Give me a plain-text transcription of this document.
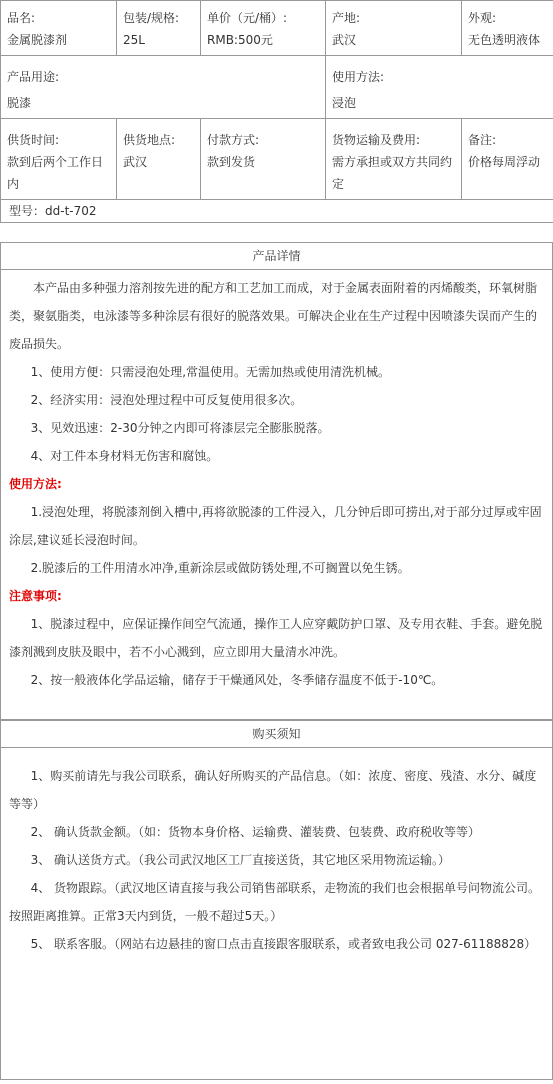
品名:
金属脱漆剂	包装/规格:
25L	单价（元/桶）:
RMB:500元	产地:
武汉	外观:
无色透明液体

产品用途:
脱漆			使用方法:
浸泡	

供货时间:
款到后两个工作日内	供货地点:
武汉	付款方式:
款到发货	货物运输及费用:
需方承担或双方共同约定	备注:
价格每周浮动

型号：dd-t-702				
产品详情

本产品由多种强力溶剂按先进的配方和工艺加工而成，对于金属表面附着的丙烯酸类，环氧树脂类，聚氨脂类，电泳漆等多种涂层有很好的脱落效果。可解决企业在生产过程中因喷漆失误而产生的废品损失。

1、使用方便：只需浸泡处理,常温使用。无需加热或使用清洗机械。

2、经济实用：浸泡处理过程中可反复使用很多次。

3、见效迅速：2-30分钟之内即可将漆层完全膨胀脱落。

4、对工件本身材料无伤害和腐蚀。

使用方法:

1.浸泡处理，将脱漆剂倒入槽中,再将欲脱漆的工件浸入，几分钟后即可捞出,对于部分过厚或牢固涂层,建议延长浸泡时间。

2.脱漆后的工件用清水冲净,重新涂层或做防锈处理,不可搁置以免生锈。

注意事项:

1、脱漆过程中，应保证操作间空气流通，操作工人应穿戴防护口罩、及专用衣鞋、手套。避免脱漆剂溅到皮肤及眼中，若不小心溅到，应立即用大量清水冲洗。

2、按一般液体化学品运输，储存于干燥通风处，冬季储存温度不低于-10℃。

购买须知

1、购买前请先与我公司联系，确认好所购买的产品信息。（如：浓度、密度、残渣、水分、碱度等等）

2、 确认货款金额。（如：货物本身价格、运输费、灌装费、包装费、政府税收等等）

3、 确认送货方式。（我公司武汉地区工厂直接送货，其它地区采用物流运输。）

4、 货物跟踪。（武汉地区请直接与我公司销售部联系，走物流的我们也会根据单号问物流公司。按照距离推算。正常3天内到货，一般不超过5天。）

5、 联系客服。（网站右边悬挂的窗口点击直接跟客服联系，或者致电我公司 027-61188828）
